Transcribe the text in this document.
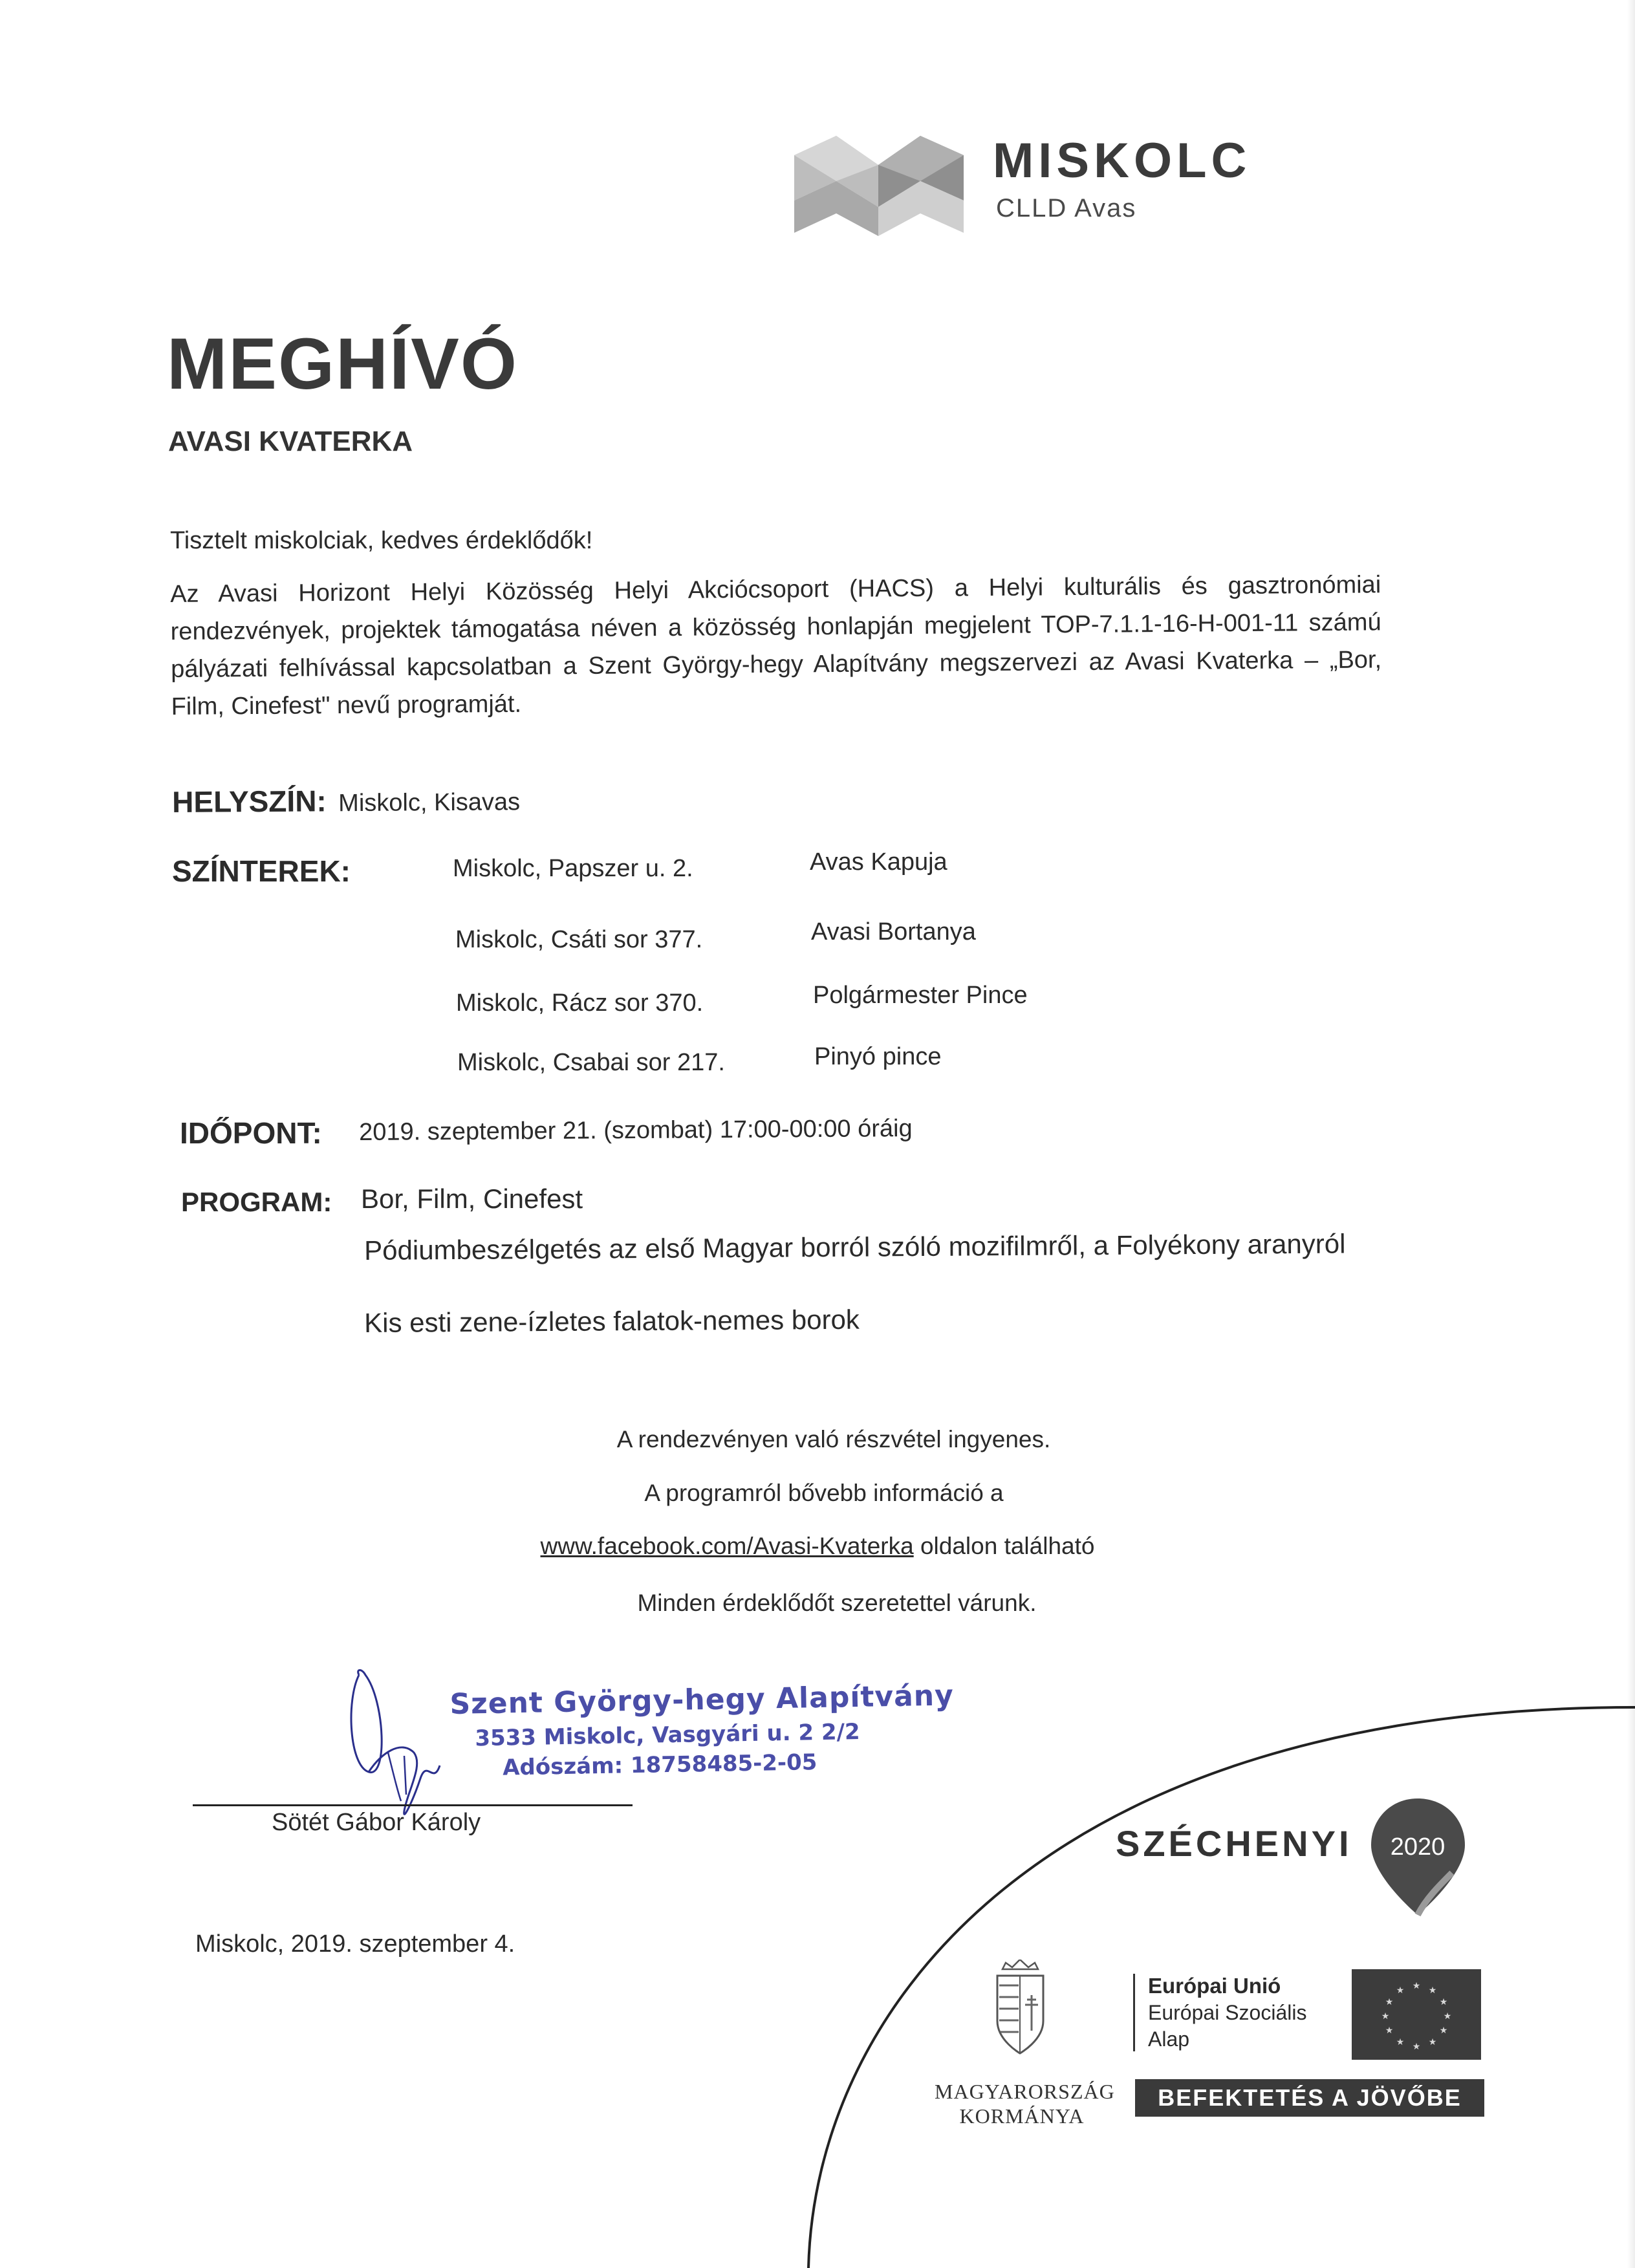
MISKOLC
CLLD Avas
MEGHÍVÓ
AVASI KVATERKA
Tisztelt miskolciak, kedves érdeklődők!
Az Avasi Horizont Helyi Közösség Helyi Akciócsoport (HACS) a Helyi kulturális és gasztronómiai rendezvények, projektek támogatása néven a közösség honlapján megjelent TOP-7.1.1-16-H-001-11 számú pályázati felhívással kapcsolatban a Szent György-hegy Alapítvány megszervezi az Avasi Kvaterka – „Bor, Film, Cinefest" nevű programját.
HELYSZÍN: Miskolc, Kisavas
SZÍNTEREK:	Miskolc, Papszer u. 2.	Avas Kapuja
Miskolc, Csáti sor 377.	Avasi Bortanya
Miskolc, Rácz sor 370.	Polgármester Pince
Miskolc, Csabai sor 217.	Pinyó pince
IDŐPONT: 2019. szeptember 21. (szombat) 17:00-00:00 óráig
PROGRAM: Bor, Film, Cinefest
Pódiumbeszélgetés az első Magyar borról szóló mozifilmről, a Folyékony aranyról
Kis esti zene-ízletes falatok-nemes borok
A rendezvényen való részvétel ingyenes.
A programról bővebb információ a
www.facebook.com/Avasi-Kvaterka oldalon található
Minden érdeklődőt szeretettel várunk.
Szent György-hegy Alapítvány
3533 Miskolc, Vasgyári u. 2 2/2
Adószám: 18758485-2-05
Sötét Gábor Károly
Miskolc, 2019. szeptember 4.
SZÉCHENYI 2020
MAGYARORSZÁG
KORMÁNYA
Európai Unió
Európai Szociális
Alap
★ ★
★
★
★
★
★
★
★
★
★
★
BEFEKTETÉS A JÖVŐBE
